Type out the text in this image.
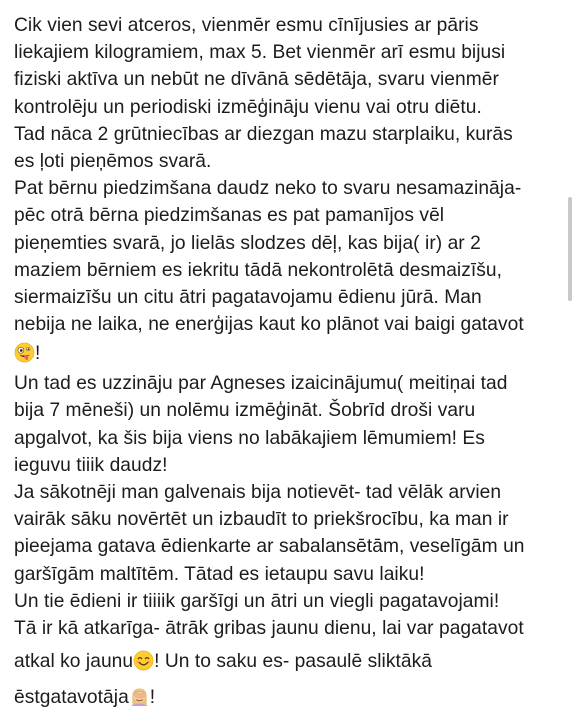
Cik vien sevi atceros, vienmēr esmu cīnījusies ar pāris
liekajiem kilogramiem, max 5. Bet vienmēr arī esmu bijusi
fiziski aktīva un nebūt ne dīvānā sēdētāja, svaru vienmēr
kontrolēju un periodiski izmēģināju vienu vai otru diētu.
Tad nāca 2 grūtniecības ar diezgan mazu starplaiku, kurās
es ļoti pieņēmos svarā.
Pat bērnu piedzimšana daudz neko to svaru nesamazināja-
pēc otrā bērna piedzimšanas es pat pamanījos vēl
pieņemties svarā, jo lielās slodzes dēļ, kas bija( ir) ar 2
maziem bērniem es iekritu tādā nekontrolētā desmaizīšu,
siermaizīšu un citu ātri pagatavojamu ēdienu jūrā. Man
nebija ne laika, ne enerģijas kaut ko plānot vai baigi gatavot
!
Un tad es uzzināju par Agneses izaicinājumu( meitiņai tad
bija 7 mēneši) un nolēmu izmēģināt. Šobrīd droši varu
apgalvot, ka šis bija viens no labākajiem lēmumiem! Es
ieguvu tiiik daudz!
Ja sākotnēji man galvenais bija notievēt- tad vēlāk arvien
vairāk sāku novērtēt un izbaudīt to priekšrocību, ka man ir
pieejama gatava ēdienkarte ar sabalansētām, veselīgām un
garšīgām maltītēm. Tātad es ietaupu savu laiku!
Un tie ēdieni ir tiiiik garšīgi un ātri un viegli pagatavojami!
Tā ir kā atkarīga- ātrāk gribas jaunu dienu, lai var pagatavot
atkal ko jaunu ! Un to saku es- pasaulē sliktākā
ēstgatavotāja !
